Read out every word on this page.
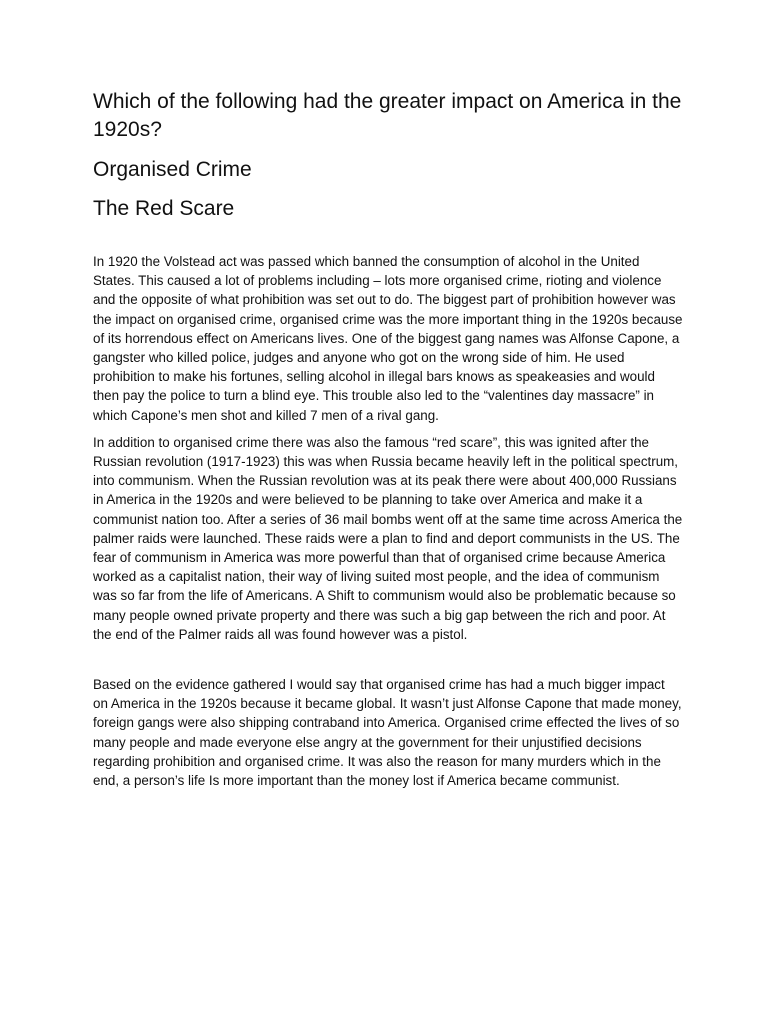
Which of the following had the greater impact on America in the 1920s?
Organised Crime
The Red Scare

In 1920 the Volstead act was passed which banned the consumption of alcohol in the United States. This caused a lot of problems including – lots more organised crime, rioting and violence and the opposite of what prohibition was set out to do. The biggest part of prohibition however was the impact on organised crime, organised crime was the more important thing in the 1920s because of its horrendous effect on Americans lives. One of the biggest gang names was Alfonse Capone, a gangster who killed police, judges and anyone who got on the wrong side of him. He used prohibition to make his fortunes, selling alcohol in illegal bars knows as speakeasies and would then pay the police to turn a blind eye. This trouble also led to the “valentines day massacre” in which Capone’s men shot and killed 7 men of a rival gang.

In addition to organised crime there was also the famous “red scare”, this was ignited after the Russian revolution (1917-1923) this was when Russia became heavily left in the political spectrum, into communism. When the Russian revolution was at its peak there were about 400,000 Russians in America in the 1920s and were believed to be planning to take over America and make it a communist nation too. After a series of 36 mail bombs went off at the same time across America the palmer raids were launched. These raids were a plan to find and deport communists in the US. The fear of communism in America was more powerful than that of organised crime because America worked as a capitalist nation, their way of living suited most people, and the idea of communism was so far from the life of Americans. A Shift to communism would also be problematic because so many people owned private property and there was such a big gap between the rich and poor. At the end of the Palmer raids all was found however was a pistol.

Based on the evidence gathered I would say that organised crime has had a much bigger impact on America in the 1920s because it became global. It wasn’t just Alfonse Capone that made money, foreign gangs were also shipping contraband into America. Organised crime effected the lives of so many people and made everyone else angry at the government for their unjustified decisions regarding prohibition and organised crime. It was also the reason for many murders which in the end, a person’s life Is more important than the money lost if America became communist.
